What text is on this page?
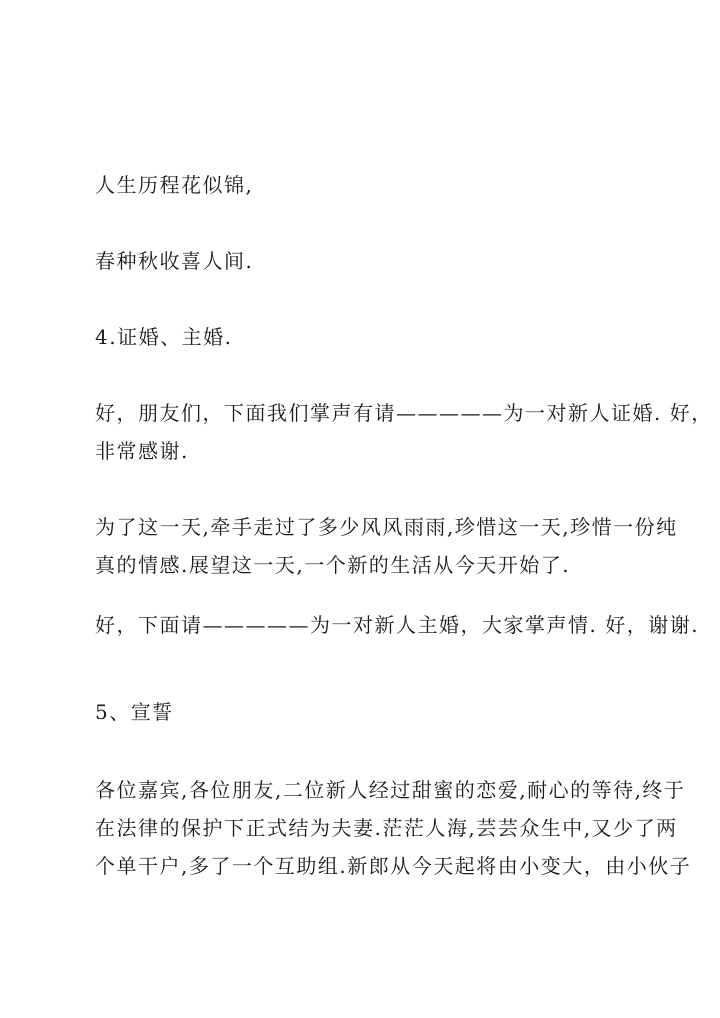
人生历程花似锦,
春种秋收喜人间.
4.证婚、主婚.
好，朋友们，下面我们掌声有请—————为一对新人证婚. 好，
非常感谢.
为了这一天,牵手走过了多少风风雨雨,珍惜这一天,珍惜一份纯
真的情感.展望这一天,一个新的生活从今天开始了.
好，下面请—————为一对新人主婚，大家掌声情. 好，谢谢.
5、宣誓
各位嘉宾,各位朋友,二位新人经过甜蜜的恋爱,耐心的等待,终于
在法律的保护下正式结为夫妻.茫茫人海,芸芸众生中,又少了两
个单干户,多了一个互助组.新郎从今天起将由小变大，由小伙子
